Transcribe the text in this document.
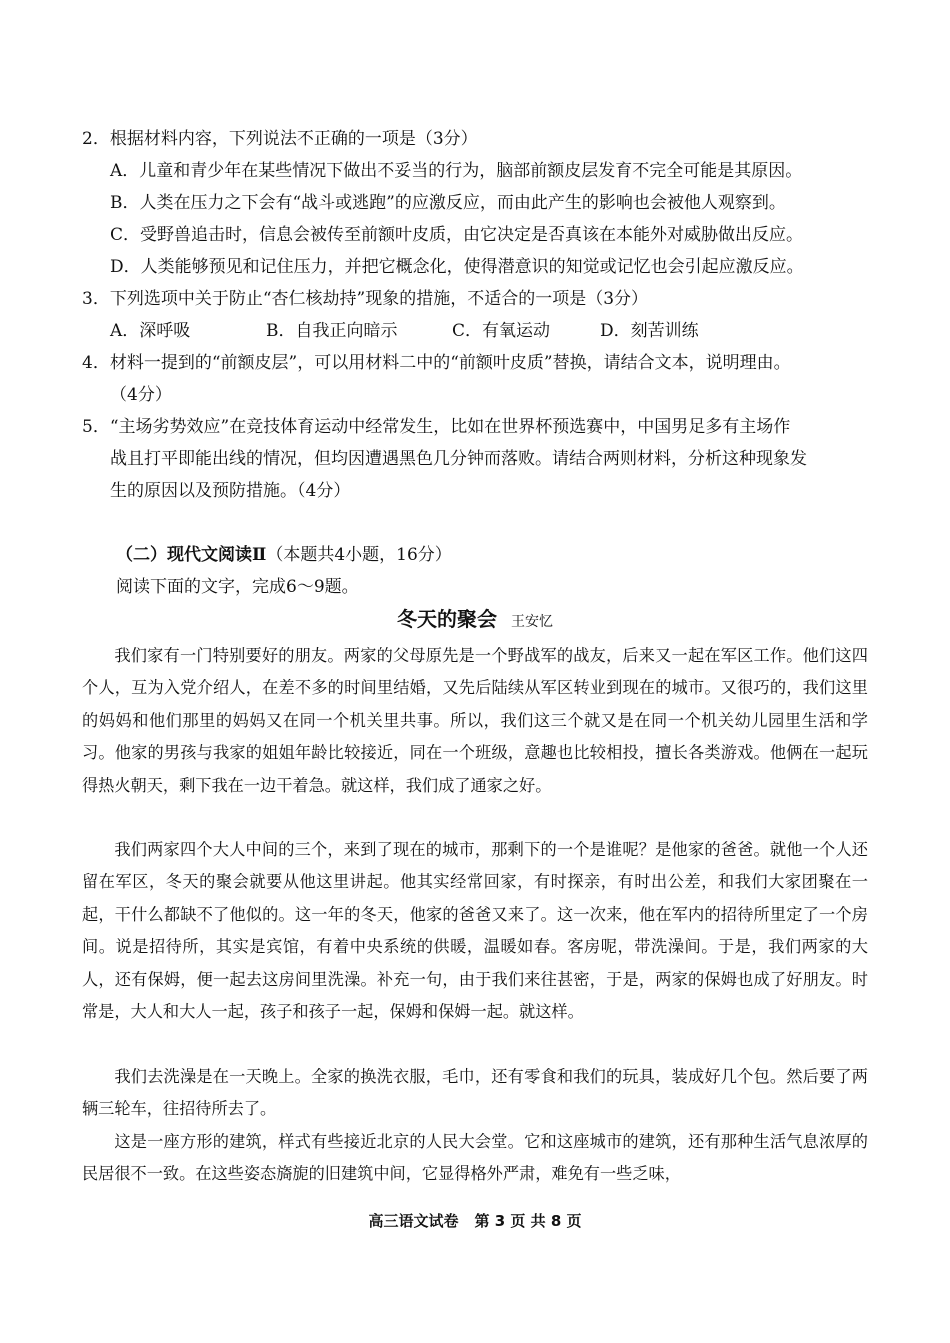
2．根据材料内容，下列说法不正确的一项是（3分）
A．儿童和青少年在某些情况下做出不妥当的行为，脑部前额皮层发育不完全可能是其原因。
B．人类在压力之下会有“战斗或逃跑”的应激反应，而由此产生的影响也会被他人观察到。
C．受野兽追击时，信息会被传至前额叶皮质，由它决定是否真该在本能外对威胁做出反应。
D．人类能够预见和记住压力，并把它概念化，使得潜意识的知觉或记忆也会引起应激反应。
3．下列选项中关于防止“杏仁核劫持”现象的措施，不适合的一项是（3分）
A．深呼吸	B．自我正向暗示	C．有氧运动	D．刻苦训练
4．材料一提到的“前额皮层”，可以用材料二中的“前额叶皮质”替换，请结合文本，说明理由。
（4分）
5．“主场劣势效应”在竞技体育运动中经常发生，比如在世界杯预选赛中，中国男足多有主场作
战且打平即能出线的情况，但均因遭遇黑色几分钟而落败。请结合两则材料，分析这种现象发
生的原因以及预防措施。（4分）
（二）现代文阅读Ⅱ（本题共4小题，16分）
阅读下面的文字，完成6～9题。
冬天的聚会 王安忆
我们家有一门特别要好的朋友。两家的父母原先是一个野战军的战友，后来又一起在军区工作。他们这四个人，互为入党介绍人，在差不多的时间里结婚，又先后陆续从军区转业到现在的城市。又很巧的，我们这里的妈妈和他们那里的妈妈又在同一个机关里共事。所以，我们这三个就又是在同一个机关幼儿园里生活和学习。他家的男孩与我家的姐姐年龄比较接近，同在一个班级，意趣也比较相投，擅长各类游戏。他俩在一起玩得热火朝天，剩下我在一边干着急。就这样，我们成了通家之好。
我们两家四个大人中间的三个，来到了现在的城市，那剩下的一个是谁呢？是他家的爸爸。就他一个人还留在军区，冬天的聚会就要从他这里讲起。他其实经常回家，有时探亲，有时出公差，和我们大家团聚在一起，干什么都缺不了他似的。这一年的冬天，他家的爸爸又来了。这一次来，他在军内的招待所里定了一个房间。说是招待所，其实是宾馆，有着中央系统的供暖，温暖如春。客房呢，带洗澡间。于是，我们两家的大人，还有保姆，便一起去这房间里洗澡。补充一句，由于我们来往甚密，于是，两家的保姆也成了好朋友。时常是，大人和大人一起，孩子和孩子一起，保姆和保姆一起。就这样。
我们去洗澡是在一天晚上。全家的换洗衣服，毛巾，还有零食和我们的玩具，装成好几个包。然后要了两辆三轮车，往招待所去了。
这是一座方形的建筑，样式有些接近北京的人民大会堂。它和这座城市的建筑，还有那种生活气息浓厚的民居很不一致。在这些姿态旖旎的旧建筑中间，它显得格外严肃，难免有一些乏味，
高三语文试卷 第 3 页 共 8 页
